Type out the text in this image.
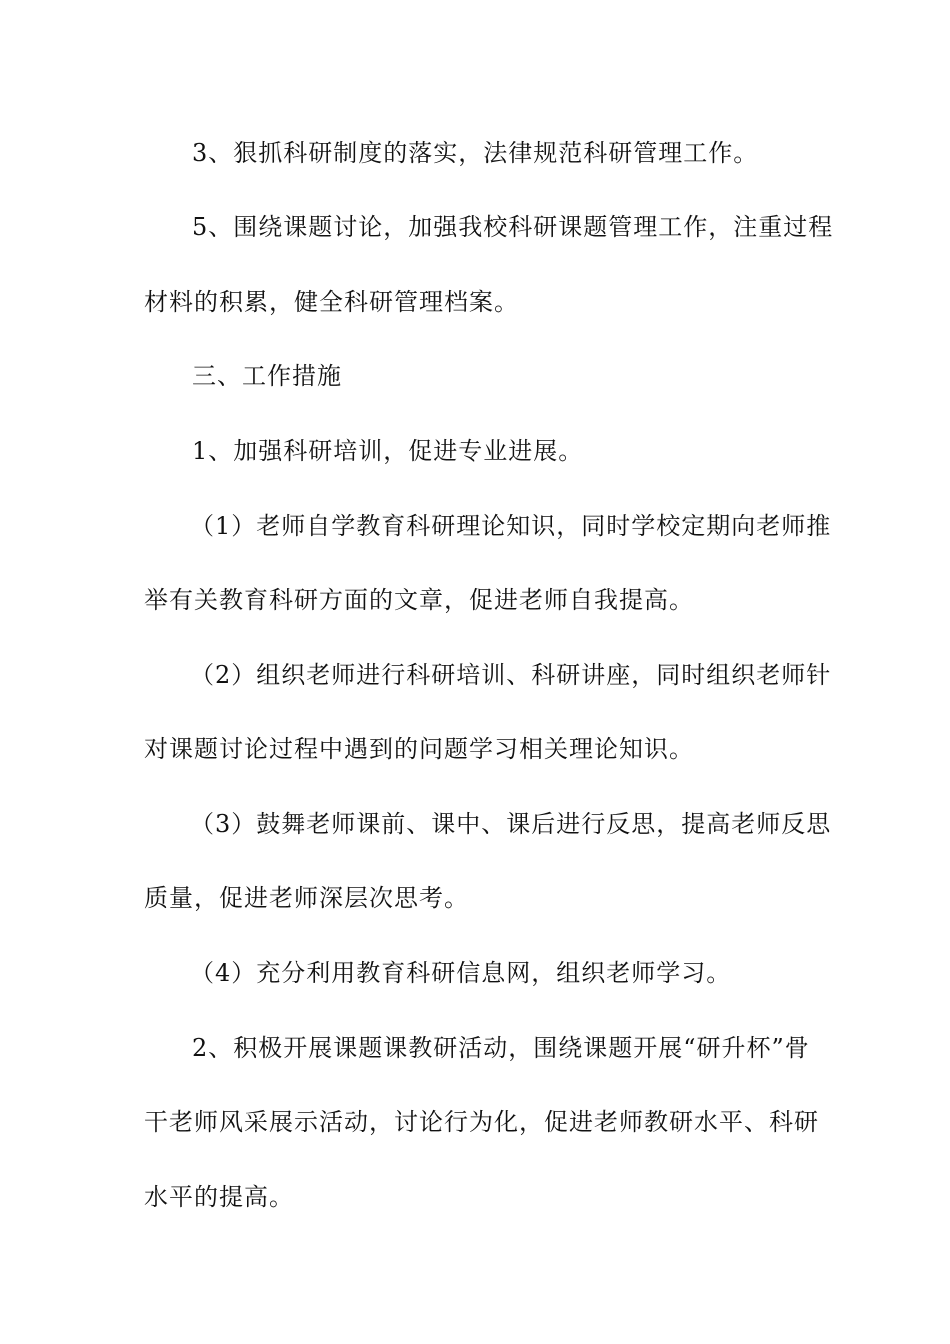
3、狠抓科研制度的落实，法律规范科研管理工作。
5、围绕课题讨论，加强我校科研课题管理工作，注重过程
材料的积累，健全科研管理档案。
三、工作措施
1、加强科研培训，促进专业进展。
（1）老师自学教育科研理论知识，同时学校定期向老师推
举有关教育科研方面的文章，促进老师自我提高。
（2）组织老师进行科研培训、科研讲座，同时组织老师针
对课题讨论过程中遇到的问题学习相关理论知识。
（3）鼓舞老师课前、课中、课后进行反思，提高老师反思
质量，促进老师深层次思考。
（4）充分利用教育科研信息网，组织老师学习。
2、积极开展课题课教研活动，围绕课题开展“研升杯”骨
干老师风采展示活动，讨论行为化，促进老师教研水平、科研
水平的提高。
